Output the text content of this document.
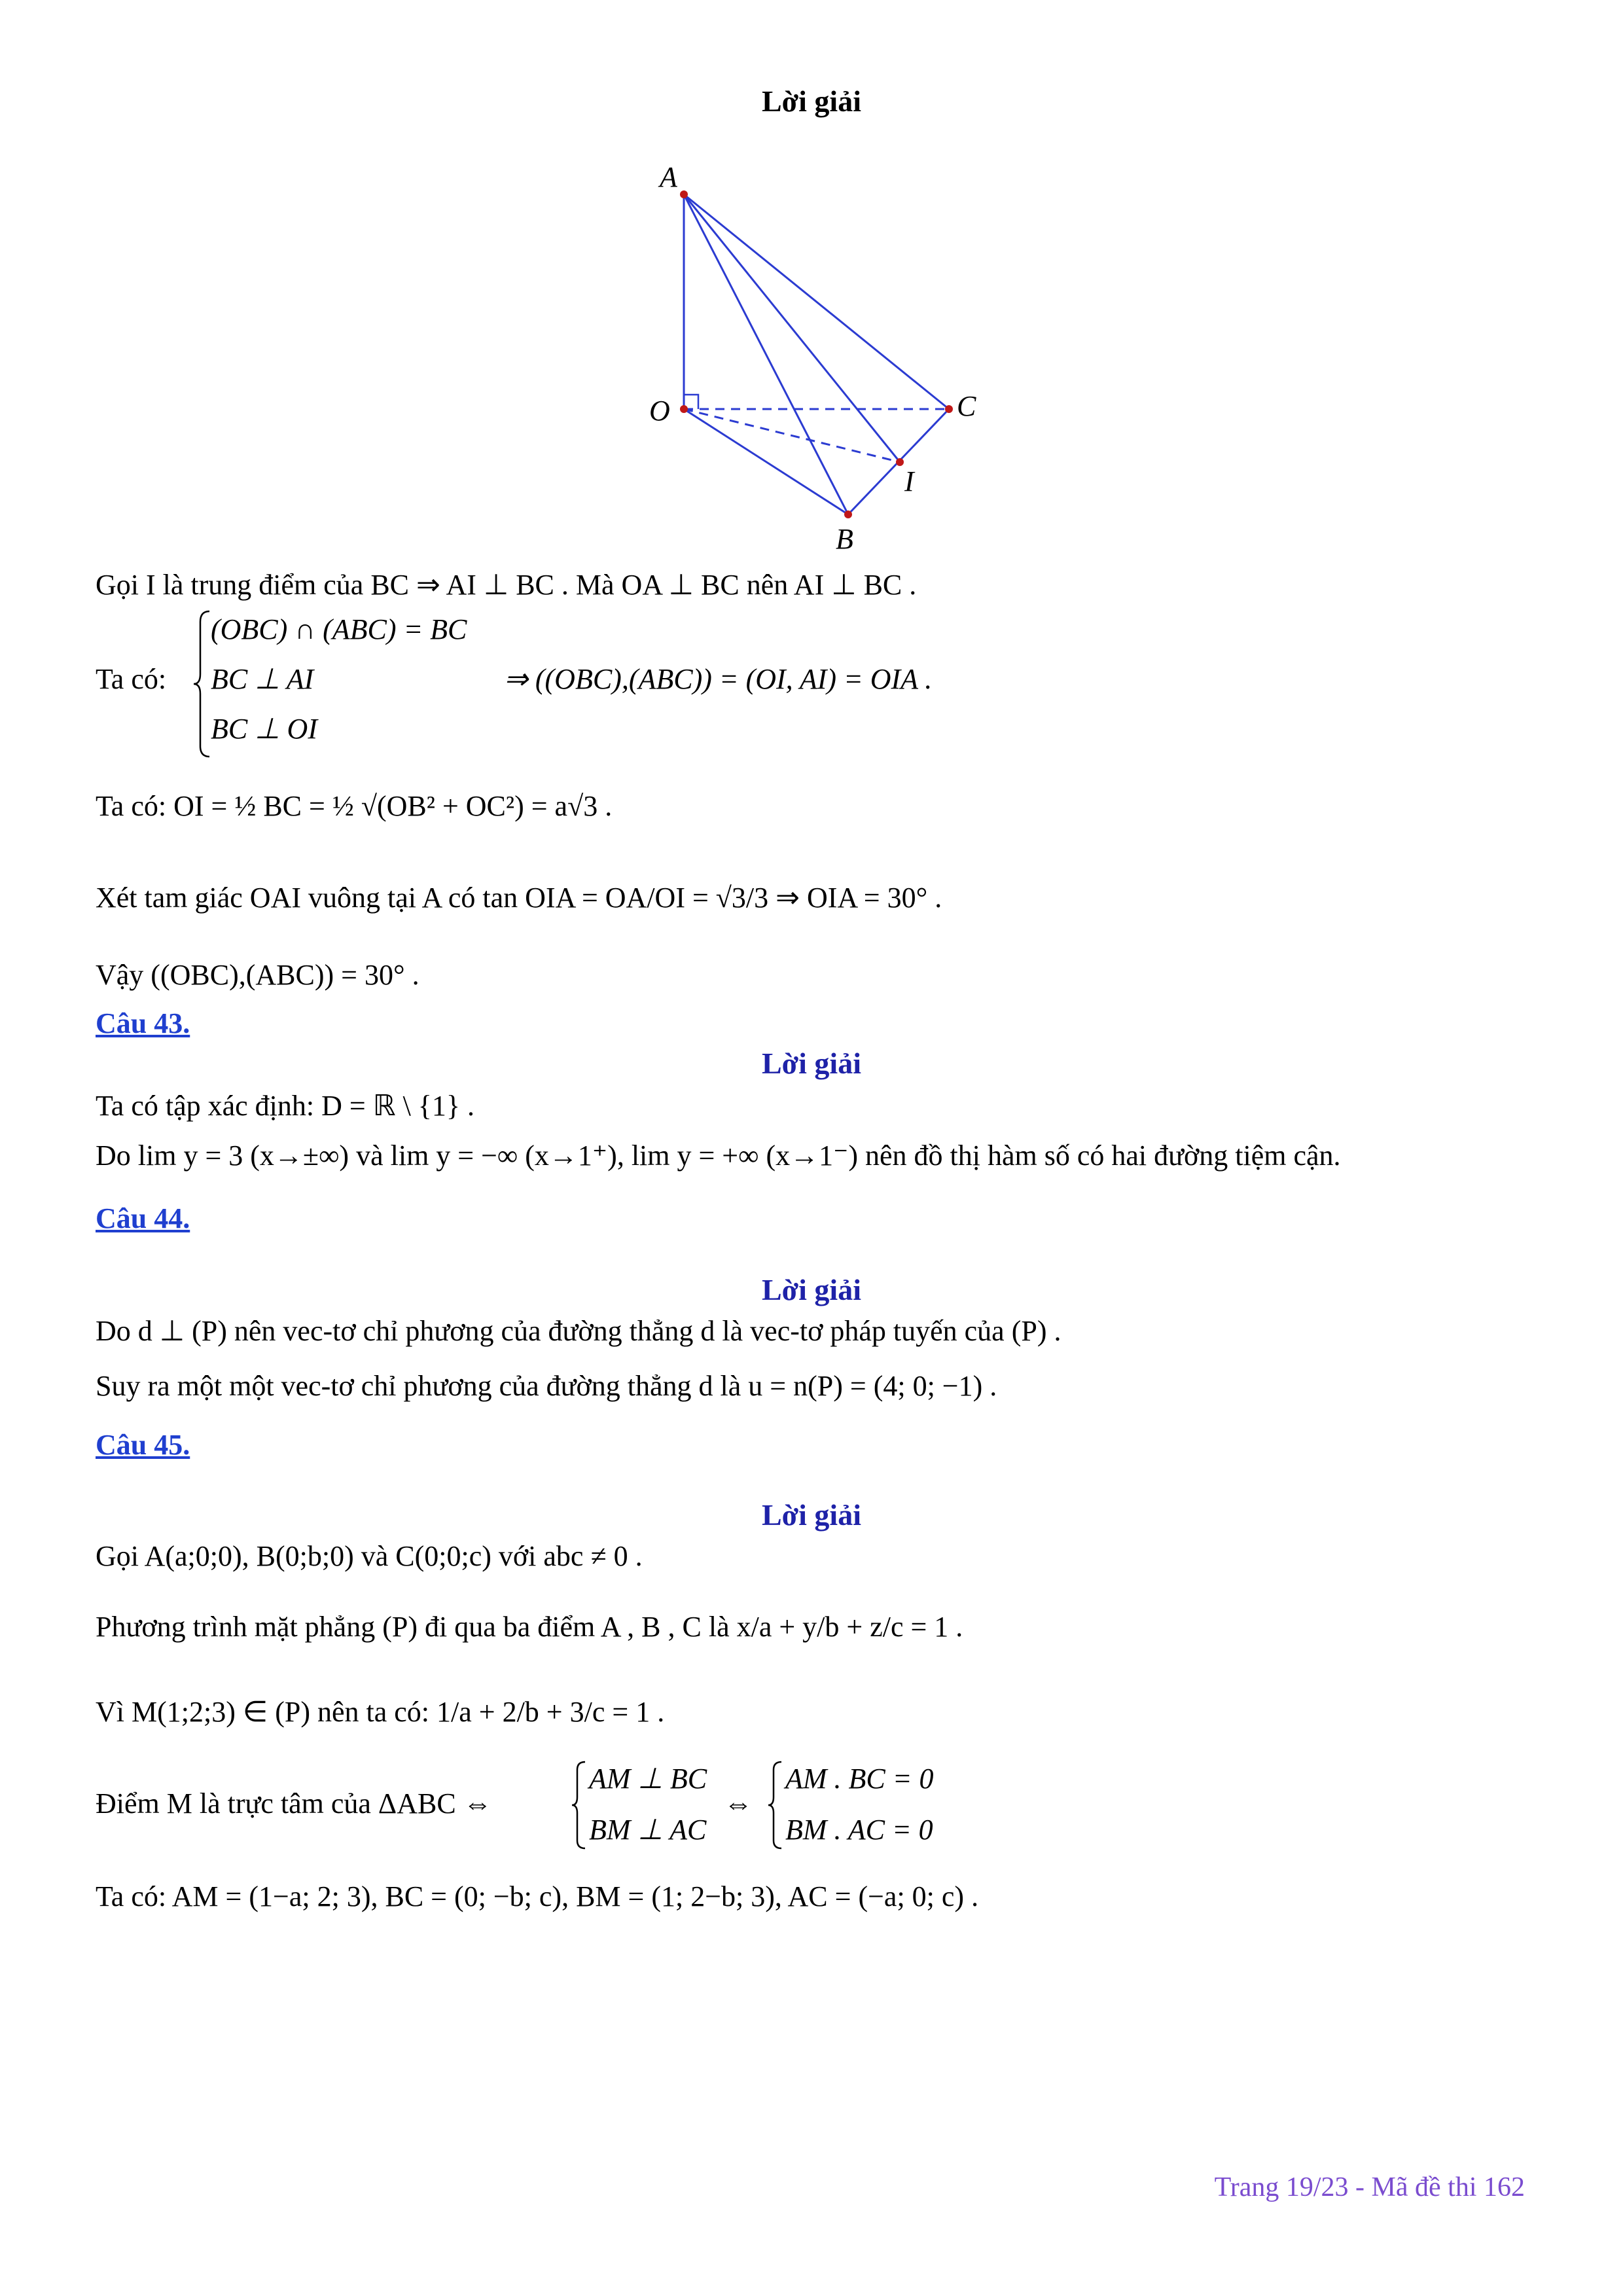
Lời giải
A
O	C
I
B
Gọi I là trung điểm của BC ⇒ AI ⊥ BC . Mà OA ⊥ BC nên AI ⊥ BC .
Ta có:
(OBC) ∩ (ABC) = BC
BC ⊥ AI
BC ⊥ OI
⇒ ((OBC),(ABC)) = (OI, AI) = OIA .
Ta có: OI = ½ BC = ½ √(OB² + OC²) = a√3 .
Xét tam giác OAI vuông tại A có tan OIA = OA/OI = √3/3 ⇒ OIA = 30° .
Vậy ((OBC),(ABC)) = 30° .
Câu 43.
Lời giải
Ta có tập xác định: D = ℝ \ {1} .
Do lim y = 3 (x→±∞) và lim y = −∞ (x→1⁺), lim y = +∞ (x→1⁻) nên đồ thị hàm số có hai đường tiệm cận.
Câu 44.
Lời giải
Do d ⊥ (P) nên vec-tơ chỉ phương của đường thẳng d là vec-tơ pháp tuyến của (P) .
Suy ra một một vec-tơ chỉ phương của đường thẳng d là u = n(P) = (4; 0; −1) .
Câu 45.
Lời giải
Gọi A(a;0;0), B(0;b;0) và C(0;0;c) với abc ≠ 0 .
Phương trình mặt phẳng (P) đi qua ba điểm A , B , C là x/a + y/b + z/c = 1 .
Vì M(1;2;3) ∈ (P) nên ta có: 1/a + 2/b + 3/c = 1 .
Điểm M là trực tâm của ΔABC ⇔
AM ⊥ BC
BM ⊥ AC
⇔
AM . BC = 0
BM . AC = 0
Ta có: AM = (1−a; 2; 3), BC = (0; −b; c), BM = (1; 2−b; 3), AC = (−a; 0; c) .
Trang 19/23 - Mã đề thi 162
